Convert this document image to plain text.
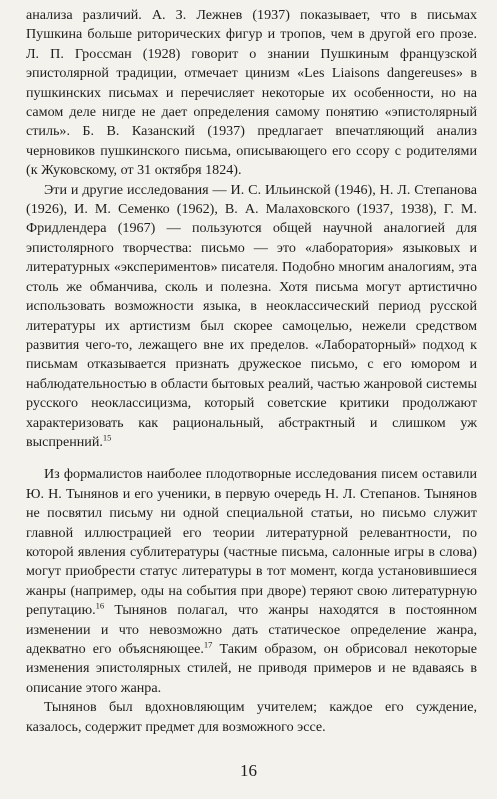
анализа различий. А. З. Лежнев (1937) показывает, что в письмах Пушкина больше риторических фигур и тропов, чем в другой его прозе. Л. П. Гроссман (1928) говорит о знании Пушкиным французской эпистолярной традиции, отмечает цинизм «Les Liaisons dangereuses» в пушкинских письмах и перечисляет некоторые их особенности, но на самом деле нигде не дает определения самому понятию «эпистолярный стиль». Б. В. Казанский (1937) предлагает впечатляющий анализ черновиков пушкинского письма, описывающего его ссору с родителями (к Жуковскому, от 31 октября 1824).

Эти и другие исследования — И. С. Ильинской (1946), Н. Л. Степанова (1926), И. М. Семенко (1962), В. А. Малаховского (1937, 1938), Г. М. Фридлендера (1967) — пользуются общей научной аналогией для эпистолярного творчества: письмо — это «лаборатория» языковых и литературных «экспериментов» писателя. Подобно многим аналогиям, эта столь же обманчива, сколь и полезна. Хотя письма могут артистично использовать возможности языка, в неоклассический период русской литературы их артистизм был скорее самоцелью, нежели средством развития чего-то, лежащего вне их пределов. «Лабораторный» подход к письмам отказывается признать дружеское письмо, с его юмором и наблюдательностью в области бытовых реалий, частью жанровой системы русского неоклассицизма, который советские критики продолжают характеризовать как рациональный, абстрактный и слишком уж выспренний.$^{15}$

Из формалистов наиболее плодотворные исследования писем оставили Ю. Н. Тынянов и его ученики, в первую очередь Н. Л. Степанов. Тынянов не посвятил письму ни одной специальной статьи, но письмо служит главной иллюстрацией его теории литературной релевантности, по которой явления сублитературы (частные письма, салонные игры в слова) могут приобрести статус литературы в тот момент, когда установившиеся жанры (например, оды на события при дворе) теряют свою литературную репутацию.$^{16}$ Тынянов полагал, что жанры находятся в постоянном изменении и что невозможно дать статическое определение жанра, адекватно его объясняющее.$^{17}$ Таким образом, он обрисовал некоторые изменения эпистолярных стилей, не приводя примеров и не вдаваясь в описание этого жанра.

Тынянов был вдохновляющим учителем; каждое его суждение, казалось, содержит предмет для возможного эссе.

16
